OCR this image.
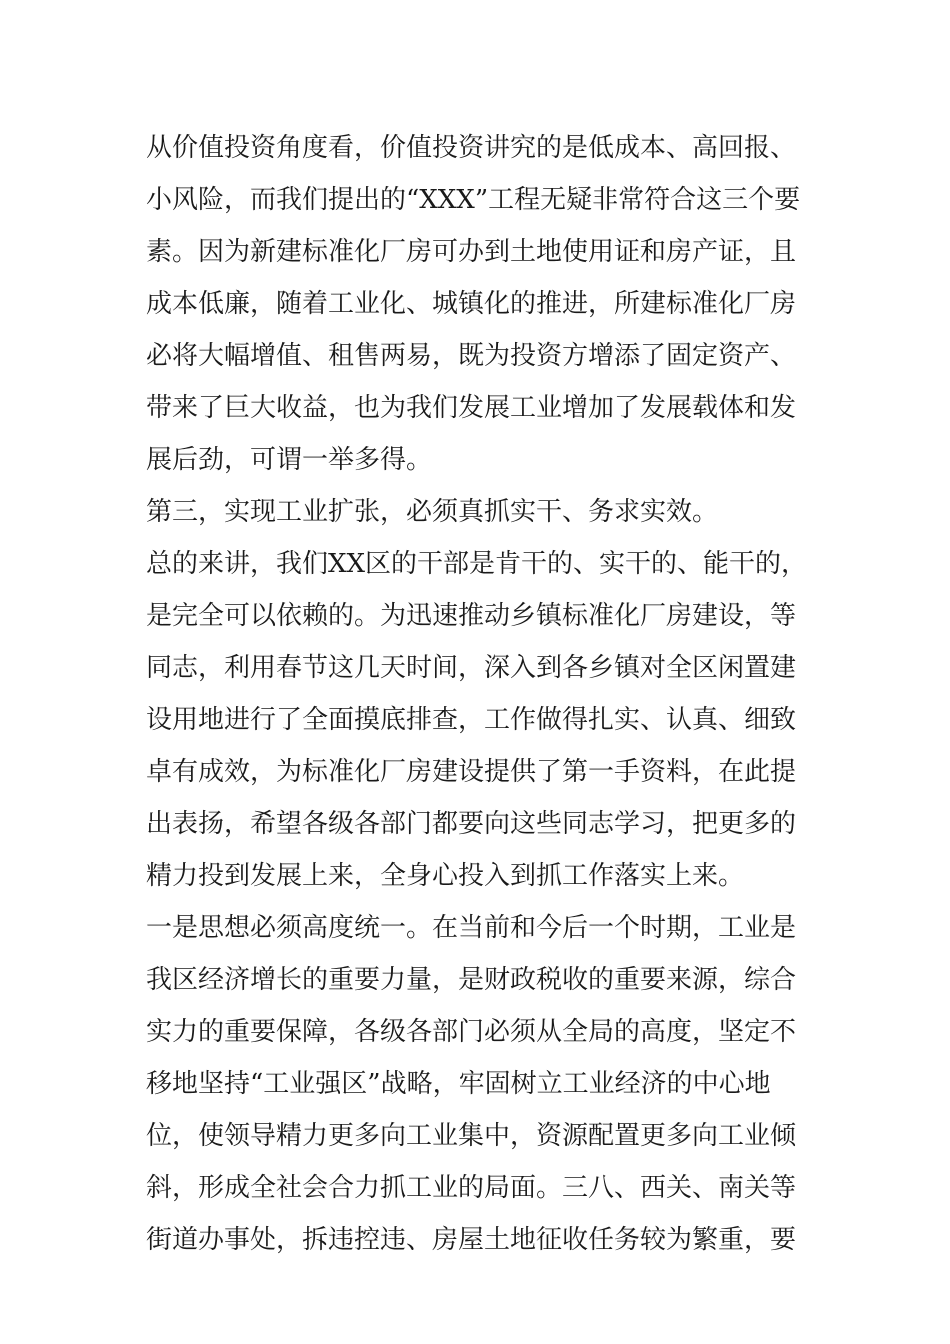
从价值投资角度看，价值投资讲究的是低成本、高回报、
小风险，而我们提出的“XXX”工程无疑非常符合这三个要
素。因为新建标准化厂房可办到土地使用证和房产证，且
成本低廉，随着工业化、城镇化的推进，所建标准化厂房
必将大幅增值、租售两易，既为投资方增添了固定资产、
带来了巨大收益，也为我们发展工业增加了发展载体和发
展后劲，可谓一举多得。
第三，实现工业扩张，必须真抓实干、务求实效。
总的来讲，我们XX区的干部是肯干的、实干的、能干的，
是完全可以依赖的。为迅速推动乡镇标准化厂房建设，等
同志，利用春节这几天时间，深入到各乡镇对全区闲置建
设用地进行了全面摸底排查，工作做得扎实、认真、细致
卓有成效，为标准化厂房建设提供了第一手资料，在此提
出表扬，希望各级各部门都要向这些同志学习，把更多的
精力投到发展上来，全身心投入到抓工作落实上来。
一是思想必须高度统一。在当前和今后一个时期，工业是
我区经济增长的重要力量，是财政税收的重要来源，综合
实力的重要保障，各级各部门必须从全局的高度，坚定不
移地坚持“工业强区”战略，牢固树立工业经济的中心地
位，使领导精力更多向工业集中，资源配置更多向工业倾
斜，形成全社会合力抓工业的局面。三八、西关、南关等
街道办事处，拆违控违、房屋土地征收任务较为繁重，要
